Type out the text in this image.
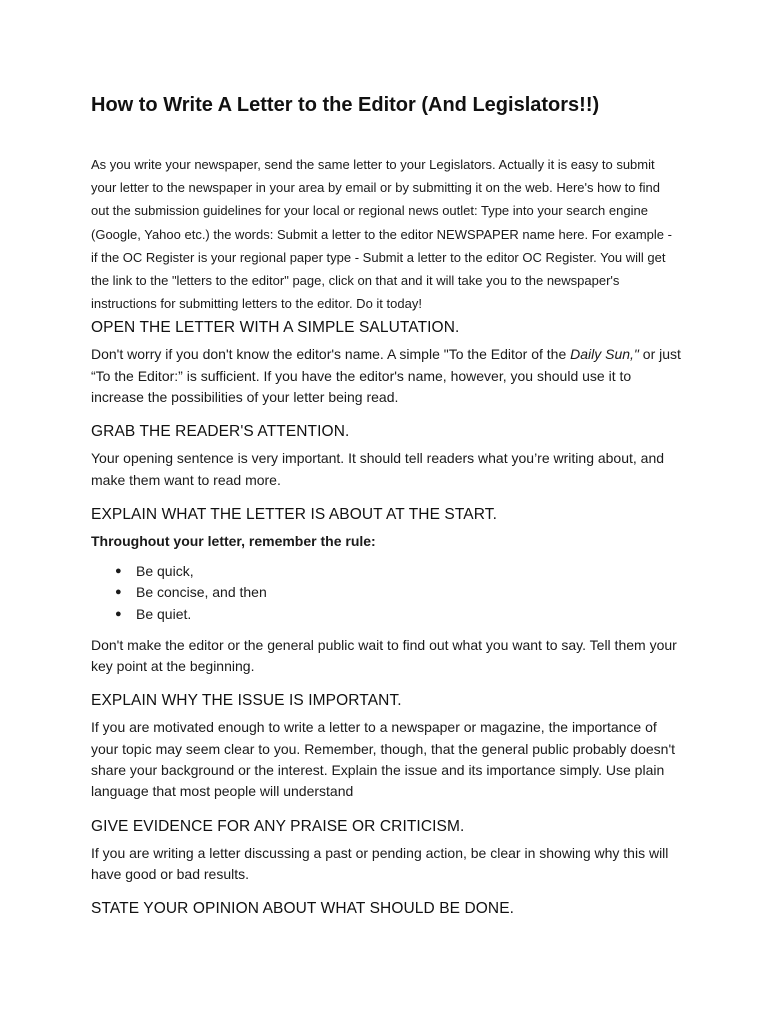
How to Write A Letter to the Editor (And Legislators!!)

As you write your newspaper, send the same letter to your Legislators. Actually it is easy to submit your letter to the newspaper in your area by email or by submitting it on the web. Here's how to find out the submission guidelines for your local or regional news outlet: Type into your search engine (Google, Yahoo etc.) the words: Submit a letter to the editor NEWSPAPER name here. For example - if the OC Register is your regional paper type - Submit a letter to the editor OC Register. You will get the link to the "letters to the editor" page, click on that and it will take you to the newspaper's instructions for submitting letters to the editor. Do it today!

OPEN THE LETTER WITH A SIMPLE SALUTATION.

Don't worry if you don't know the editor's name. A simple "To the Editor of the Daily Sun," or just “To the Editor:” is sufficient. If you have the editor's name, however, you should use it to increase the possibilities of your letter being read.

GRAB THE READER'S ATTENTION.

Your opening sentence is very important. It should tell readers what you’re writing about, and make them want to read more.

EXPLAIN WHAT THE LETTER IS ABOUT AT THE START.

Throughout your letter, remember the rule:

● Be quick,
● Be concise, and then
● Be quiet.

Don't make the editor or the general public wait to find out what you want to say. Tell them your key point at the beginning.

EXPLAIN WHY THE ISSUE IS IMPORTANT.

If you are motivated enough to write a letter to a newspaper or magazine, the importance of your topic may seem clear to you. Remember, though, that the general public probably doesn't share your background or the interest. Explain the issue and its importance simply. Use plain language that most people will understand

GIVE EVIDENCE FOR ANY PRAISE OR CRITICISM.

If you are writing a letter discussing a past or pending action, be clear in showing why this will have good or bad results.

STATE YOUR OPINION ABOUT WHAT SHOULD BE DONE.
